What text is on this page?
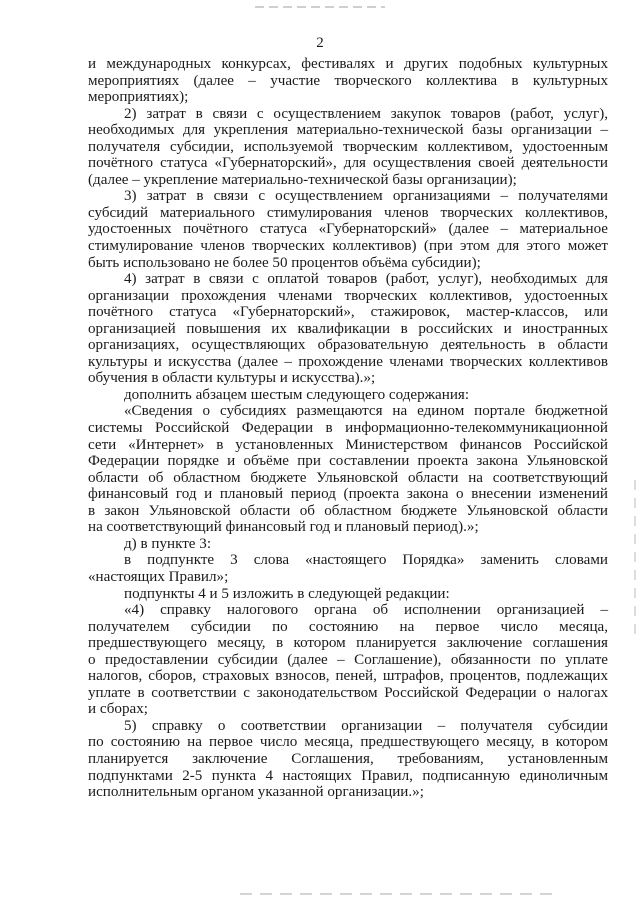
2
и международных конкурсах, фестивалях и других подобных культурных
мероприятиях (далее – участие творческого коллектива в культурных
мероприятиях);
2) затрат в связи с осуществлением закупок товаров (работ, услуг),
необходимых для укрепления материально-технической базы организации –
получателя субсидии, используемой творческим коллективом, удостоенным
почётного статуса «Губернаторский», для осуществления своей деятельности
(далее – укрепление материально-технической базы организации);
3) затрат в связи с осуществлением организациями – получателями
субсидий материального стимулирования членов творческих коллективов,
удостоенных почётного статуса «Губернаторский» (далее – материальное
стимулирование членов творческих коллективов) (при этом для этого может
быть использовано не более 50 процентов объёма субсидии);
4) затрат в связи с оплатой товаров (работ, услуг), необходимых для
организации прохождения членами творческих коллективов, удостоенных
почётного статуса «Губернаторский», стажировок, мастер-классов, или
организацией повышения их квалификации в российских и иностранных
организациях, осуществляющих образовательную деятельность в области
культуры и искусства (далее – прохождение членами творческих коллективов
обучения в области культуры и искусства).»;
дополнить абзацем шестым следующего содержания:
«Сведения о субсидиях размещаются на едином портале бюджетной
системы Российской Федерации в информационно-телекоммуникационной
сети «Интернет» в установленных Министерством финансов Российской
Федерации порядке и объёме при составлении проекта закона Ульяновской
области об областном бюджете Ульяновской области на соответствующий
финансовый год и плановый период (проекта закона о внесении изменений
в закон Ульяновской области об областном бюджете Ульяновской области
на соответствующий финансовый год и плановый период).»;
д) в пункте 3:
в подпункте 3 слова «настоящего Порядка» заменить словами
«настоящих Правил»;
подпункты 4 и 5 изложить в следующей редакции:
«4) справку налогового органа об исполнении организацией –
получателем субсидии по состоянию на первое число месяца,
предшествующего месяцу, в котором планируется заключение соглашения
о предоставлении субсидии (далее – Соглашение), обязанности по уплате
налогов, сборов, страховых взносов, пеней, штрафов, процентов, подлежащих
уплате в соответствии с законодательством Российской Федерации о налогах
и сборах;
5) справку о соответствии организации – получателя субсидии
по состоянию на первое число месяца, предшествующего месяцу, в котором
планируется заключение Соглашения, требованиям, установленным
подпунктами 2-5 пункта 4 настоящих Правил, подписанную единоличным
исполнительным органом указанной организации.»;
